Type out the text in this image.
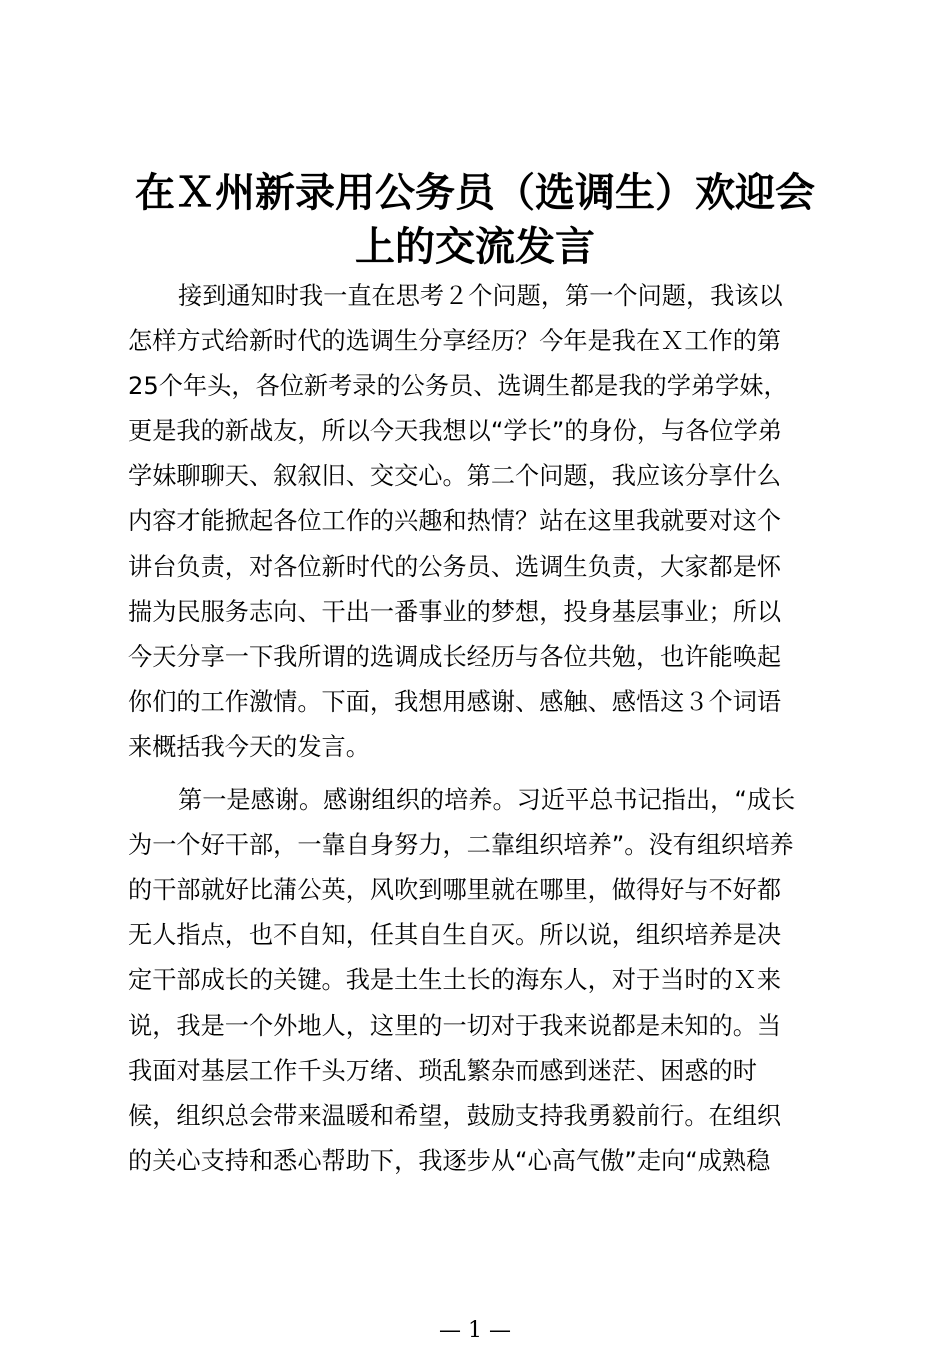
在Ｘ州新录用公务员（选调生）欢迎会
上的交流发言
接到通知时我一直在思考２个问题，第一个问题，我该以
怎样方式给新时代的选调生分享经历？今年是我在Ｘ工作的第
25个年头，各位新考录的公务员、选调生都是我的学弟学妹，
更是我的新战友，所以今天我想以“学长”的身份，与各位学弟
学妹聊聊天、叙叙旧、交交心。第二个问题，我应该分享什么
内容才能掀起各位工作的兴趣和热情？站在这里我就要对这个
讲台负责，对各位新时代的公务员、选调生负责，大家都是怀
揣为民服务志向、干出一番事业的梦想，投身基层事业；所以
今天分享一下我所谓的选调成长经历与各位共勉，也许能唤起
你们的工作激情。下面，我想用感谢、感触、感悟这３个词语
来概括我今天的发言。
第一是感谢。感谢组织的培养。习近平总书记指出，“成长
为一个好干部，一靠自身努力，二靠组织培养”。没有组织培养
的干部就好比蒲公英，风吹到哪里就在哪里，做得好与不好都
无人指点，也不自知，任其自生自灭。所以说，组织培养是决
定干部成长的关键。我是土生土长的海东人，对于当时的Ｘ来
说，我是一个外地人，这里的一切对于我来说都是未知的。当
我面对基层工作千头万绪、琐乱繁杂而感到迷茫、困惑的时
候，组织总会带来温暖和希望，鼓励支持我勇毅前行。在组织
的关心支持和悉心帮助下，我逐步从“心高气傲”走向“成熟稳
— 1 —
